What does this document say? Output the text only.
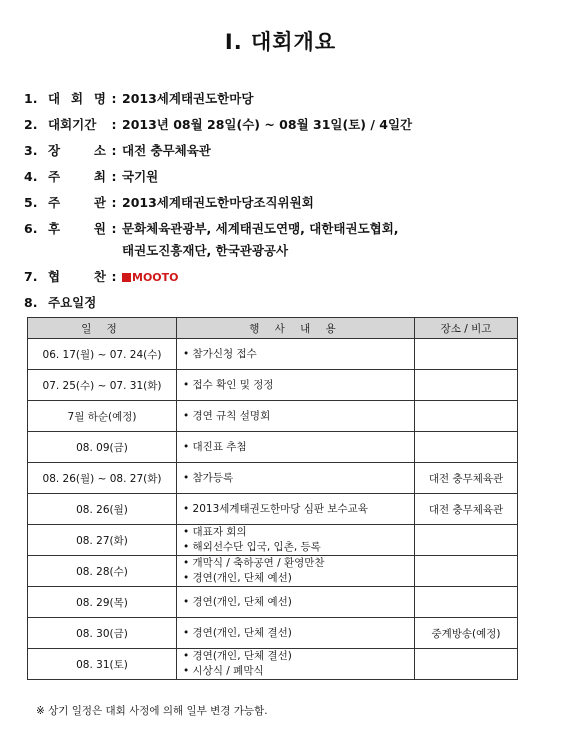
I. 대회개요
1. 대 회 명 : 2013세계태권도한마당
2. 대회기간	: 2013년 08월 28일(수) ~ 08월 31일(토) / 4일간
3. 장	소 : 대전 충무체육관
4. 주	최 : 국기원
5. 주	관 : 2013세계태권도한마당조직위원회
6. 후	원 : 문화체육관광부, 세계태권도연맹, 대한태권도협회,
태권도진흥재단, 한국관광공사
7. 협	찬 :	MOOTO
8. 주요일정
일 정	행 사 내 용	장소 / 비고
06. 17(월) ~ 07. 24(수)	• 참가신청 접수	

07. 25(수) ~ 07. 31(화)	• 접수 확인 및 정정	

7월 하순(예정)	• 경연 규칙 설명회	

08. 09(금)	• 대진표 추첨	

08. 26(월) ~ 08. 27(화)	• 참가등록	대전 충무체육관
08. 26(월)	• 2013세계태권도한마당 심판 보수교육	대전 충무체육관
08. 27(화)	• 대표자 회의
• 해외선수단 입국, 입촌, 등록	

08. 28(수)	• 개막식 / 축하공연 / 환영만찬
• 경연(개인, 단체 예선)	

08. 29(목)	• 경연(개인, 단체 예선)	

08. 30(금)	• 경연(개인, 단체 결선)	중계방송(예정)
08. 31(토)	• 경연(개인, 단체 결선)
• 시상식 / 폐막식	

※ 상기 일정은 대회 사정에 의해 일부 변경 가능함.
